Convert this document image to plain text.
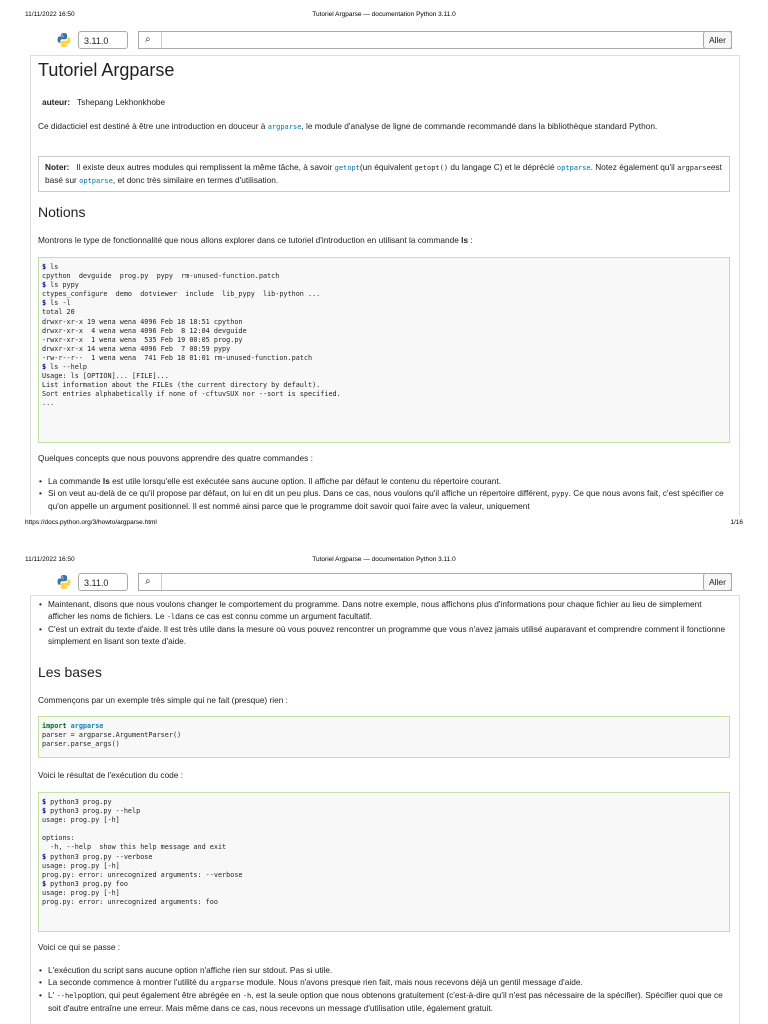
11/11/2022 16:50	Tutoriel Argparse — documentation Python 3.11.0
3.11.0	⌕	Aller
Tutoriel Argparse
auteur: Tshepang Lekhonkhobe
Ce didacticiel est destiné à être une introduction en douceur à argparse, le module d'analyse de ligne de commande recommandé dans la bibliothèque standard Python.
Noter: Il existe deux autres modules qui remplissent la même tâche, à savoir getopt(un équivalent getopt() du langage C) et le déprécié optparse. Notez également qu'il argparseest basé sur optparse, et donc très similaire en termes d'utilisation.
Notions
Montrons le type de fonctionnalité que nous allons explorer dans ce tutoriel d'introduction en utilisant la commande ls :
$ ls
cpython  devguide  prog.py  pypy  rm-unused-function.patch
$ ls pypy
ctypes_configure  demo  dotviewer  include  lib_pypy  lib-python ...
$ ls -l
total 20
drwxr-xr-x 19 wena wena 4096 Feb 18 18:51 cpython
drwxr-xr-x  4 wena wena 4096 Feb  8 12:04 devguide
-rwxr-xr-x  1 wena wena  535 Feb 19 00:05 prog.py
drwxr-xr-x 14 wena wena 4096 Feb  7 00:59 pypy
-rw-r--r--  1 wena wena  741 Feb 18 01:01 rm-unused-function.patch
$ ls --help
Usage: ls [OPTION]... [FILE]...
List information about the FILEs (the current directory by default).
Sort entries alphabetically if none of -cftuvSUX nor --sort is specified.
...
Quelques concepts que nous pouvons apprendre des quatre commandes :
• La commande ls est utile lorsqu'elle est exécutée sans aucune option. Il affiche par défaut le contenu du répertoire courant.
• Si on veut au-delà de ce qu'il propose par défaut, on lui en dit un peu plus. Dans ce cas, nous voulons qu'il affiche un répertoire différent, pypy. Ce que nous avons fait, c'est spécifier ce qu'on appelle un argument positionnel. Il est nommé ainsi parce que le programme doit savoir quoi faire avec la valeur, uniquement
https://docs.python.org/3/howto/argparse.html	1/16
11/11/2022 16:50	Tutoriel Argparse — documentation Python 3.11.0
3.11.0	⌕	Aller
• Maintenant, disons que nous voulons changer le comportement du programme. Dans notre exemple, nous affichons plus d'informations pour chaque fichier au lieu de simplement afficher les noms de fichiers. Le -ldans ce cas est connu comme un argument facultatif.
• C'est un extrait du texte d'aide. Il est très utile dans la mesure où vous pouvez rencontrer un programme que vous n'avez jamais utilisé auparavant et comprendre comment il fonctionne simplement en lisant son texte d'aide.
Les bases
Commençons par un exemple très simple qui ne fait (presque) rien :
import argparse
parser = argparse.ArgumentParser()
parser.parse_args()
Voici le résultat de l'exécution du code :
$ python3 prog.py
$ python3 prog.py --help
usage: prog.py [-h]

options:
-h, --help  show this help message and exit
$ python3 prog.py --verbose
usage: prog.py [-h]
prog.py: error: unrecognized arguments: --verbose
$ python3 prog.py foo
usage: prog.py [-h]
prog.py: error: unrecognized arguments: foo
Voici ce qui se passe :
• L'exécution du script sans aucune option n'affiche rien sur stdout. Pas si utile.
• La seconde commence à montrer l'utilité du argparse module. Nous n'avons presque rien fait, mais nous recevons déjà un gentil message d'aide.
• L' --helpoption, qui peut également être abrégée en -h, est la seule option que nous obtenons gratuitement (c'est-à-dire qu'il n'est pas nécessaire de la spécifier). Spécifier quoi que ce soit d'autre entraîne une erreur. Mais même dans ce cas, nous recevons un message d'utilisation utile, également gratuit.
